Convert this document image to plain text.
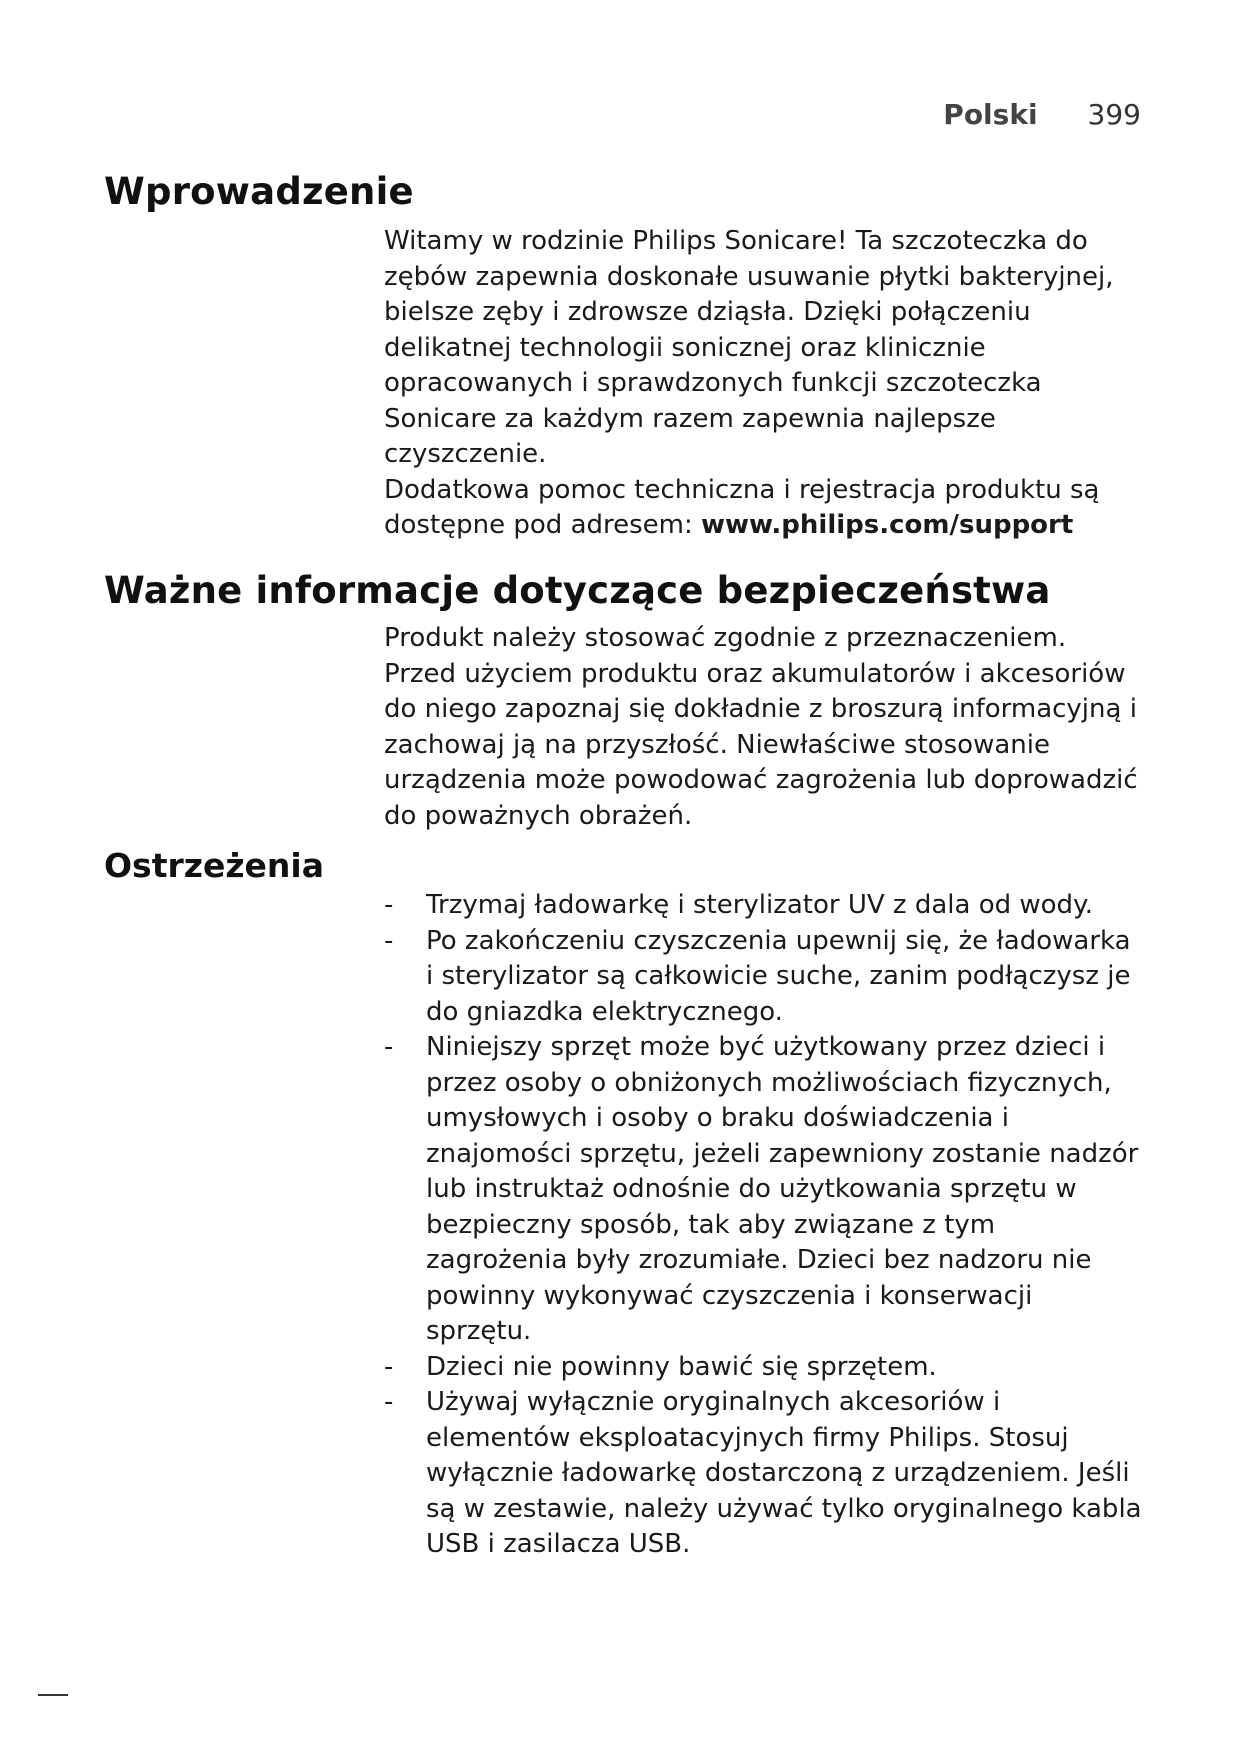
Polski 399
Wprowadzenie

Witamy w rodzinie Philips Sonicare! Ta szczoteczka do zębów zapewnia doskonałe usuwanie płytki bakteryjnej, bielsze zęby i zdrowsze dziąsła. Dzięki połączeniu delikatnej technologii sonicznej oraz klinicznie opracowanych i sprawdzonych funkcji szczoteczka Sonicare za każdym razem zapewnia najlepsze czyszczenie.

Dodatkowa pomoc techniczna i rejestracja produktu są dostępne pod adresem: www.philips.com/support

Ważne informacje dotyczące bezpieczeństwa

Produkt należy stosować zgodnie z przeznaczeniem. Przed użyciem produktu oraz akumulatorów i akcesoriów do niego zapoznaj się dokładnie z broszurą informacyjną i zachowaj ją na przyszłość. Niewłaściwe stosowanie urządzenia może powodować zagrożenia lub doprowadzić do poważnych obrażeń.

Ostrzeżenia
- Trzymaj ładowarkę i sterylizator UV z dala od wody.
- Po zakończeniu czyszczenia upewnij się, że ładowarka i sterylizator są całkowicie suche, zanim podłączysz je do gniazdka elektrycznego.
- Niniejszy sprzęt może być użytkowany przez dzieci i przez osoby o obniżonych możliwościach fizycznych, umysłowych i osoby o braku doświadczenia i znajomości sprzętu, jeżeli zapewniony zostanie nadzór lub instruktaż odnośnie do użytkowania sprzętu w bezpieczny sposób, tak aby związane z tym zagrożenia były zrozumiałe. Dzieci bez nadzoru nie powinny wykonywać czyszczenia i konserwacji sprzętu.
- Dzieci nie powinny bawić się sprzętem.
- Używaj wyłącznie oryginalnych akcesoriów i elementów eksploatacyjnych firmy Philips. Stosuj wyłącznie ładowarkę dostarczoną z urządzeniem. Jeśli są w zestawie, należy używać tylko oryginalnego kabla USB i zasilacza USB.
